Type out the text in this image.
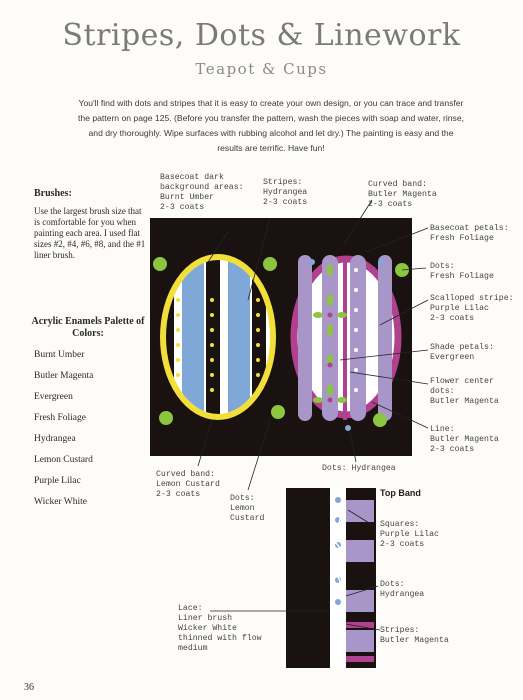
Stripes, Dots & Linework
Teapot & Cups

You'll find with dots and stripes that it is easy to create your own design, or you can trace and transfer the pattern on page 125. (Before you transfer the pattern, wash the pieces with soap and water, rinse, and dry thoroughly. Wipe surfaces with rubbing alcohol and let dry.) The painting is easy and the results are terrific. Have fun!

Brushes:

Use the largest brush size that is comfortable for you when painting each area. I used flat sizes #2, #4, #6, #8, and the #1 liner brush.

Acrylic Enamels Palette of Colors:
Burnt Umber
Butler Magenta
Evergreen
Fresh Foliage
Hydrangea
Lemon Custard
Purple Lilac
Wicker White
Basecoat dark
background areas:
Burnt Umber
2-3 coats
Stripes:
Hydrangea
2-3 coats
Curved band:
Butler Magenta
2-3 coats
Basecoat petals:
Fresh Foliage
Dots:
Fresh Foliage
Scalloped stripe:
Purple Lilac
2-3 coats
Shade petals:
Evergreen
Flower center
dots:
Butler Magenta
Line:
Butler Magenta
2-3 coats
Dots: Hydrangea
Curved band:
Lemon Custard
2-3 coats	Dots:
Lemon
Custard
Top Band
Squares:
Purple Lilac
2-3 coats
Dots:
Hydrangea
Lace:
Liner brush
Wicker White
thinned with flow
medium
Stripes:
Butler Magenta
36
